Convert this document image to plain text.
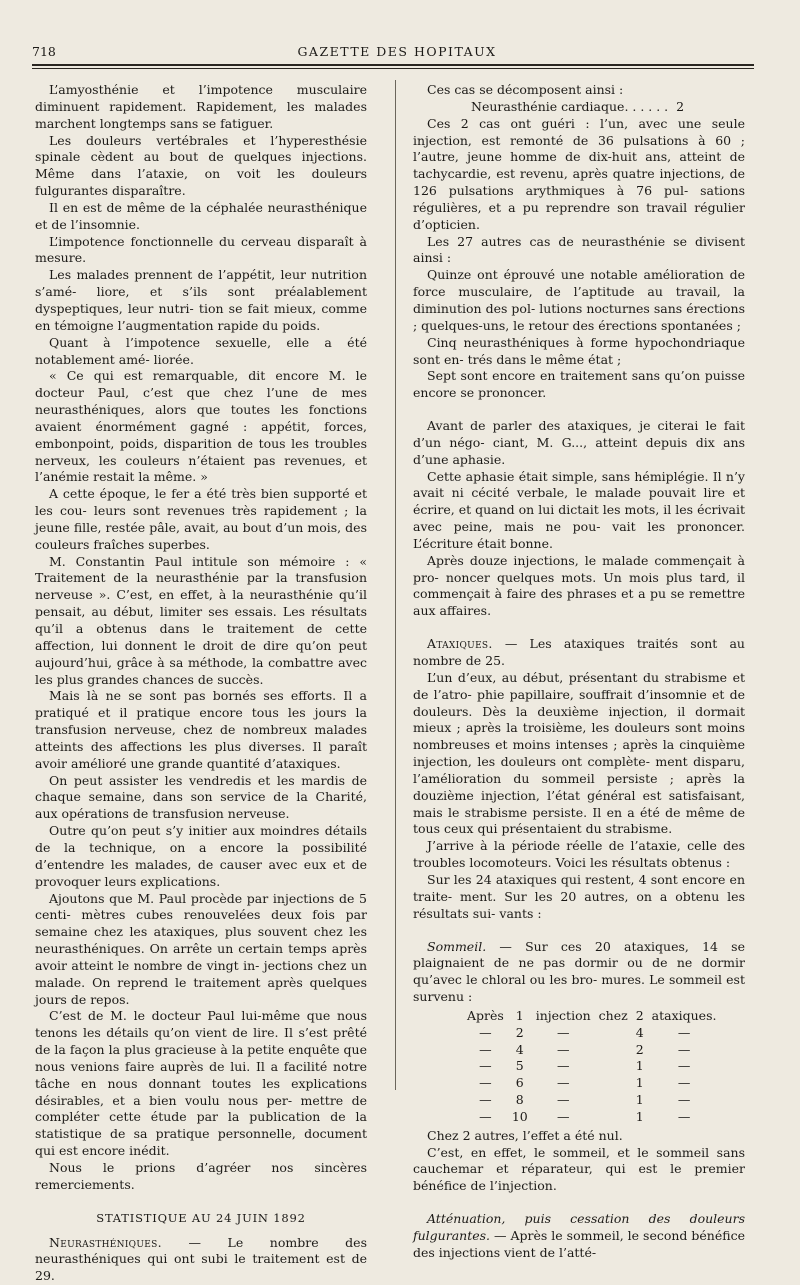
718	GAZETTE DES HOPITAUX

L’amyosthénie et l’impotence musculaire diminuent rapidement. Rapidement, les malades marchent longtemps sans se fatiguer.

Les douleurs vertébrales et l’hyperesthésie spinale cèdent au bout de quelques injections. Même dans l’ataxie, on voit les douleurs fulgurantes disparaître.

Il en est de même de la céphalée neurasthénique et de l’insomnie.

L’impotence fonctionnelle du cerveau disparaît à mesure.

Les malades prennent de l’appétit, leur nutrition s’amé- liore, et s’ils sont préalablement dyspeptiques, leur nutri- tion se fait mieux, comme en témoigne l’augmentation rapide du poids.

Quant à l’impotence sexuelle, elle a été notablement amé- liorée.

« Ce qui est remarquable, dit encore M. le docteur Paul, c’est que chez l’une de mes neurasthéniques, alors que toutes les fonctions avaient énormément gagné : appétit, forces, embonpoint, poids, disparition de tous les troubles nerveux, les couleurs n’étaient pas revenues, et l’anémie restait la même. »

A cette époque, le fer a été très bien supporté et les cou- leurs sont revenues très rapidement ; la jeune fille, restée pâle, avait, au bout d’un mois, des couleurs fraîches superbes.

M. Constantin Paul intitule son mémoire : « Traitement de la neurasthénie par la transfusion nerveuse ». C’est, en effet, à la neurasthénie qu’il pensait, au début, limiter ses essais. Les résultats qu’il a obtenus dans le traitement de cette affection, lui donnent le droit de dire qu’on peut aujourd’hui, grâce à sa méthode, la combattre avec les plus grandes chances de succès.

Mais là ne se sont pas bornés ses efforts. Il a pratiqué et il pratique encore tous les jours la transfusion nerveuse, chez de nombreux malades atteints des affections les plus diverses. Il paraît avoir amélioré une grande quantité d’ataxiques.

On peut assister les vendredis et les mardis de chaque semaine, dans son service de la Charité, aux opérations de transfusion nerveuse.

Outre qu’on peut s’y initier aux moindres détails de la technique, on a encore la possibilité d’entendre les malades, de causer avec eux et de provoquer leurs explications.

Ajoutons que M. Paul procède par injections de 5 centi- mètres cubes renouvelées deux fois par semaine chez les ataxiques, plus souvent chez les neurasthéniques. On arrête un certain temps après avoir atteint le nombre de vingt in- jections chez un malade. On reprend le traitement après quelques jours de repos.

C’est de M. le docteur Paul lui-même que nous tenons les détails qu’on vient de lire. Il s’est prêté de la façon la plus gracieuse à la petite enquête que nous venions faire auprès de lui. Il a facilité notre tâche en nous donnant toutes les explications désirables, et a bien voulu nous per- mettre de compléter cette étude par la publication de la statistique de sa pratique personnelle, document qui est encore inédit.

Nous le prions d’agréer nos sincères remerciements.

STATISTIQUE AU 24 JUIN 1892

Neurasthéniques. — Le nombre des neurasthéniques qui ont subi le traitement est de 29.

Ces cas se décomposent ainsi :

Neurasthénie cardiaque. . . . . . 2

Ces 2 cas ont guéri : l’un, avec une seule injection, est remonté de 36 pulsations à 60 ; l’autre, jeune homme de dix-huit ans, atteint de tachycardie, est revenu, après quatre injections, de 126 pulsations arythmiques à 76 pul- sations régulières, et a pu reprendre son travail régulier d’opticien.

Les 27 autres cas de neurasthénie se divisent ainsi :

Quinze ont éprouvé une notable amélioration de force musculaire, de l’aptitude au travail, la diminution des pol- lutions nocturnes sans érections ; quelques-uns, le retour des érections spontanées ;

Cinq neurasthéniques à forme hypochondriaque sont en- trés dans le même état ;

Sept sont encore en traitement sans qu’on puisse encore se prononcer.

Avant de parler des ataxiques, je citerai le fait d’un négo- ciant, M. G..., atteint depuis dix ans d’une aphasie.

Cette aphasie était simple, sans hémiplégie. Il n’y avait ni cécité verbale, le malade pouvait lire et écrire, et quand on lui dictait les mots, il les écrivait avec peine, mais ne pou- vait les prononcer. L’écriture était bonne.

Après douze injections, le malade commençait à pro- noncer quelques mots. Un mois plus tard, il commençait à faire des phrases et a pu se remettre aux affaires.

Ataxiques. — Les ataxiques traités sont au nombre de 25.

L’un d’eux, au début, présentant du strabisme et de l’atro- phie papillaire, souffrait d’insomnie et de douleurs. Dès la deuxième injection, il dormait mieux ; après la troisième, les douleurs sont moins nombreuses et moins intenses ; après la cinquième injection, les douleurs ont complète- ment disparu, l’amélioration du sommeil persiste ; après la douzième injection, l’état général est satisfaisant, mais le strabisme persiste. Il en a été de même de tous ceux qui présentaient du strabisme.

J’arrive à la période réelle de l’ataxie, celle des troubles locomoteurs. Voici les résultats obtenus :

Sur les 24 ataxiques qui restent, 4 sont encore en traite- ment. Sur les 20 autres, on a obtenu les résultats sui- vants :

Sommeil. — Sur ces 20 ataxiques, 14 se plaignaient de ne pas dormir ou de ne dormir qu’avec le chloral ou les bro- mures. Le sommeil est survenu :

Après	1	injection	chez	2	ataxiques.
—	2	—		4	—
—	4	—		2	—
—	5	—		1	—
—	6	—		1	—
—	8	—		1	—
—	10	—		1	—

Chez 2 autres, l’effet a été nul.

C’est, en effet, le sommeil, et le sommeil sans cauchemar et réparateur, qui est le premier bénéfice de l’injection.

Atténuation, puis cessation des douleurs fulgurantes. — Après le sommeil, le second bénéfice des injections vient de l’atté-
